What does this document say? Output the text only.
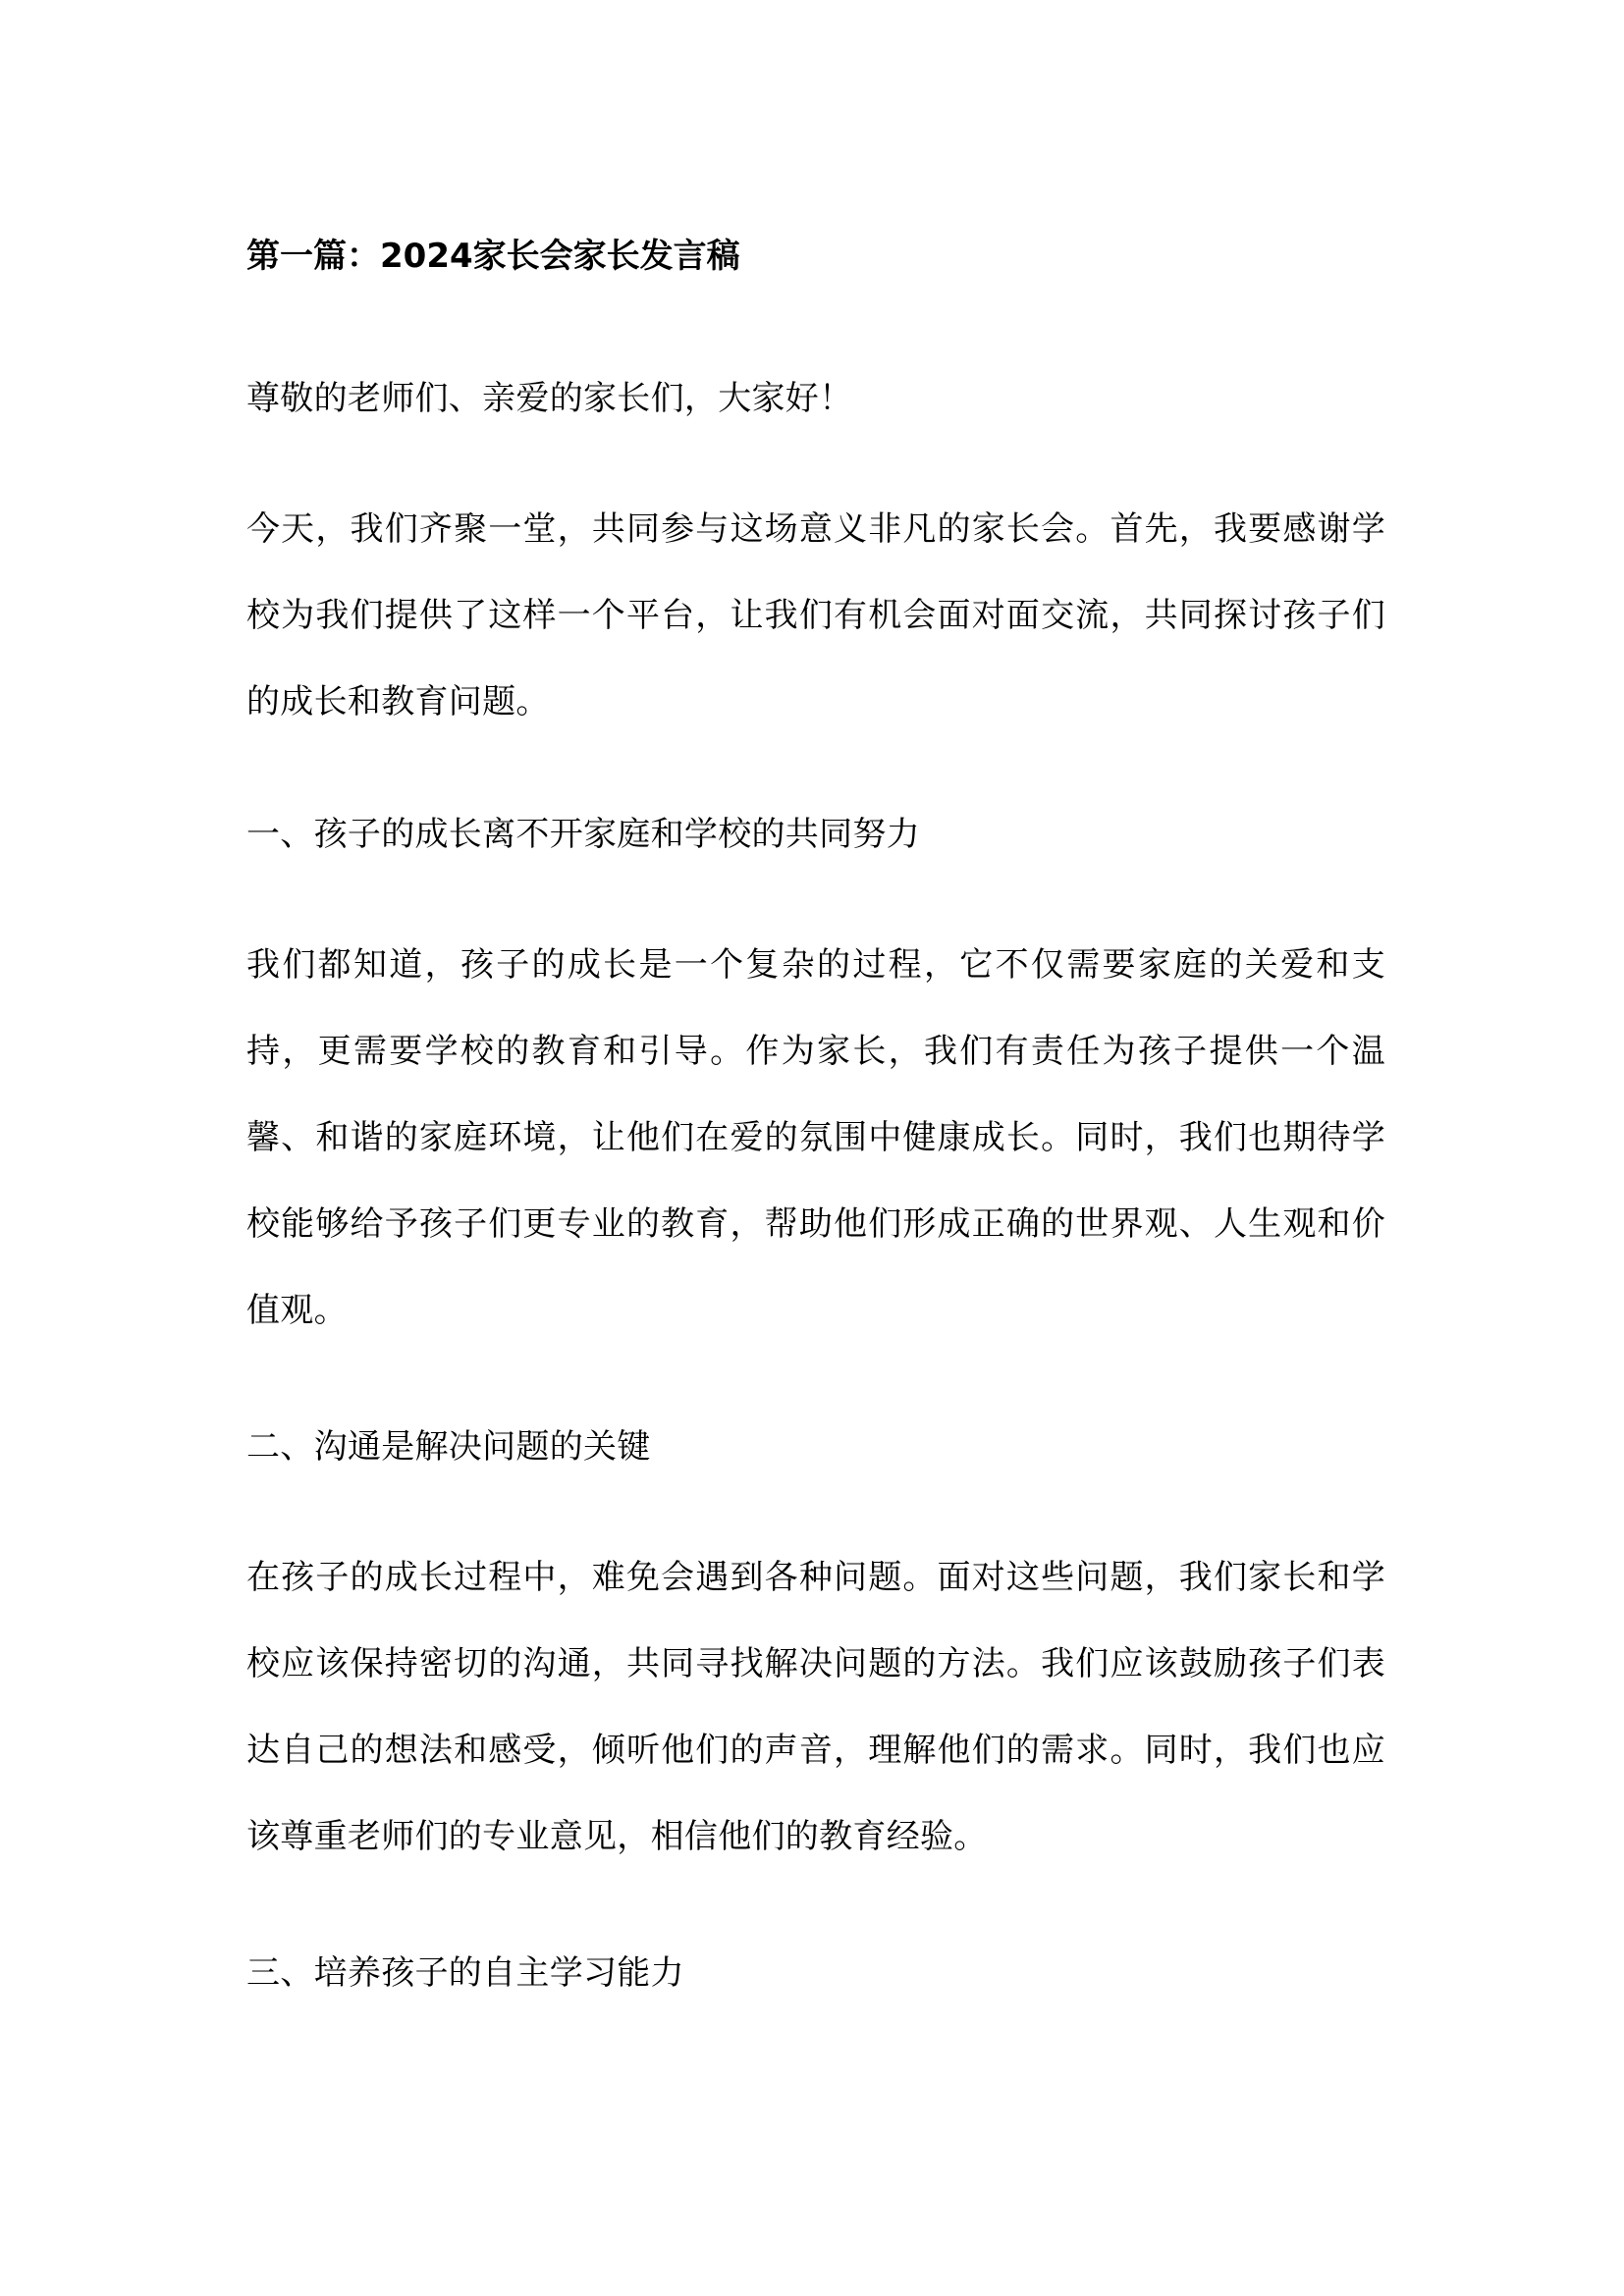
第一篇：2024家长会家长发言稿

尊敬的老师们、亲爱的家长们，大家好！

今天，我们齐聚一堂，共同参与这场意义非凡的家长会。首先，我要感谢学校为我们提供了这样一个平台，让我们有机会面对面交流，共同探讨孩子们的成长和教育问题。

一、孩子的成长离不开家庭和学校的共同努力

我们都知道，孩子的成长是一个复杂的过程，它不仅需要家庭的关爱和支持，更需要学校的教育和引导。作为家长，我们有责任为孩子提供一个温馨、和谐的家庭环境，让他们在爱的氛围中健康成长。同时，我们也期待学校能够给予孩子们更专业的教育，帮助他们形成正确的世界观、人生观和价值观。

二、沟通是解决问题的关键

在孩子的成长过程中，难免会遇到各种问题。面对这些问题，我们家长和学校应该保持密切的沟通，共同寻找解决问题的方法。我们应该鼓励孩子们表达自己的想法和感受，倾听他们的声音，理解他们的需求。同时，我们也应该尊重老师们的专业意见，相信他们的教育经验。

三、培养孩子的自主学习能力
